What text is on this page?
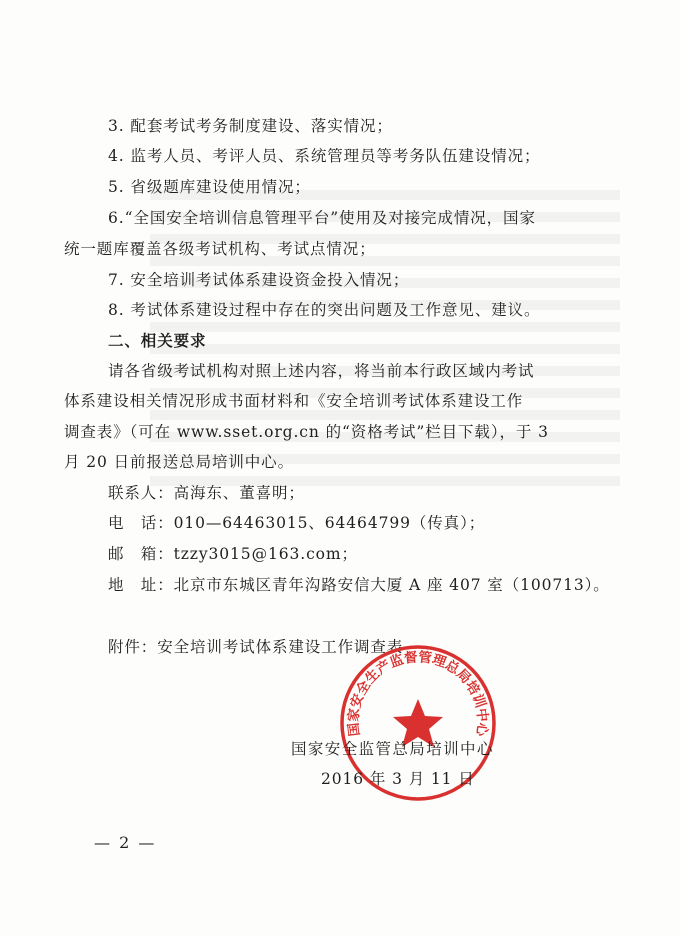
3. 配套考试考务制度建设、落实情况；
4. 监考人员、考评人员、系统管理员等考务队伍建设情况；
5. 省级题库建设使用情况；
6.“全国安全培训信息管理平台”使用及对接完成情况，国家
统一题库覆盖各级考试机构、考试点情况；
7. 安全培训考试体系建设资金投入情况；
8. 考试体系建设过程中存在的突出问题及工作意见、建议。
二、相关要求
请各省级考试机构对照上述内容，将当前本行政区域内考试
体系建设相关情况形成书面材料和《安全培训考试体系建设工作
调查表》（可在 www.sset.org.cn 的“资格考试”栏目下载），于 3
月 20 日前报送总局培训中心。
联系人：高海东、董喜明；
电　话：010—64463015、64464799（传真）；
邮　箱：tzzy3015@163.com；
地　址：北京市东城区青年沟路安信大厦 A 座 407 室（100713）。
附件：安全培训考试体系建设工作调查表
国家安全生产监督管理总局培训中心
国家安全监管总局培训中心
2016 年 3 月 11 日
— 2 —
